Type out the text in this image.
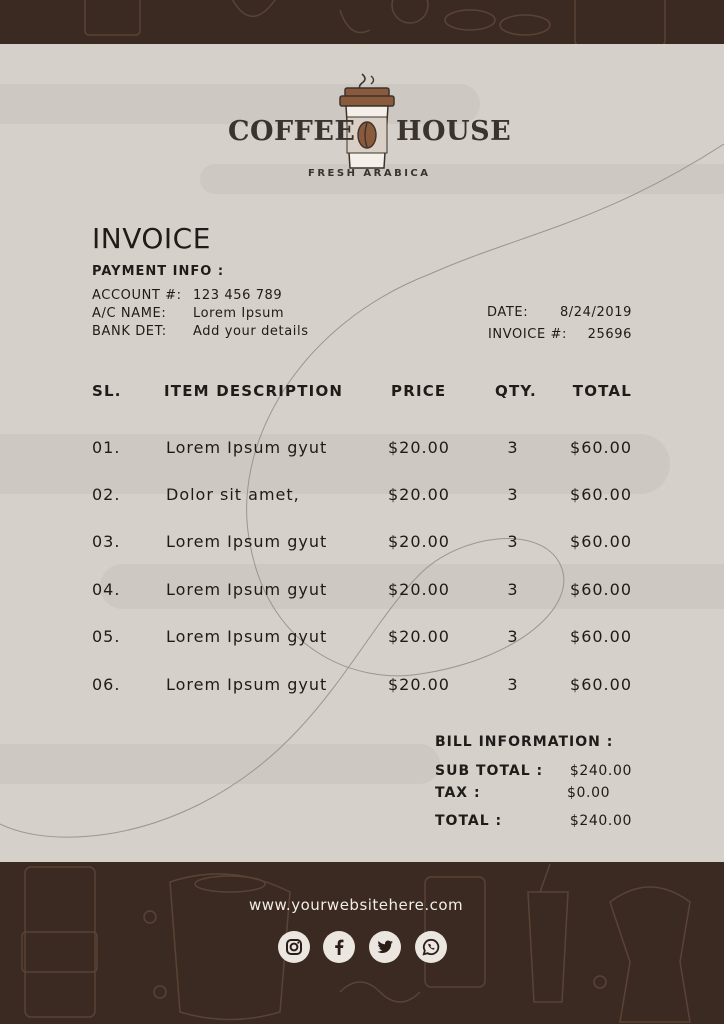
COFFEE HOUSE
FRESH ARABICA
INVOICE
PAYMENT INFO :
ACCOUNT #: 123 456 789
A/C NAME: Lorem Ipsum
BANK DET: Add your details
DATE:	8/24/2019
INVOICE #:	25696
SL.	ITEM DESCRIPTION	PRICE	QTY.	TOTAL
01.	Lorem Ipsum gyut	$20.00	3	$60.00
02.	Dolor sit amet,	$20.00	3	$60.00
03.	Lorem Ipsum gyut	$20.00	3	$60.00
04.	Lorem Ipsum gyut	$20.00	3	$60.00
05.	Lorem Ipsum gyut	$20.00	3	$60.00
06.	Lorem Ipsum gyut	$20.00	3	$60.00
BILL INFORMATION :
SUB TOTAL :	$240.00
TAX :	$0.00
TOTAL :	$240.00
www.yourwebsitehere.com
